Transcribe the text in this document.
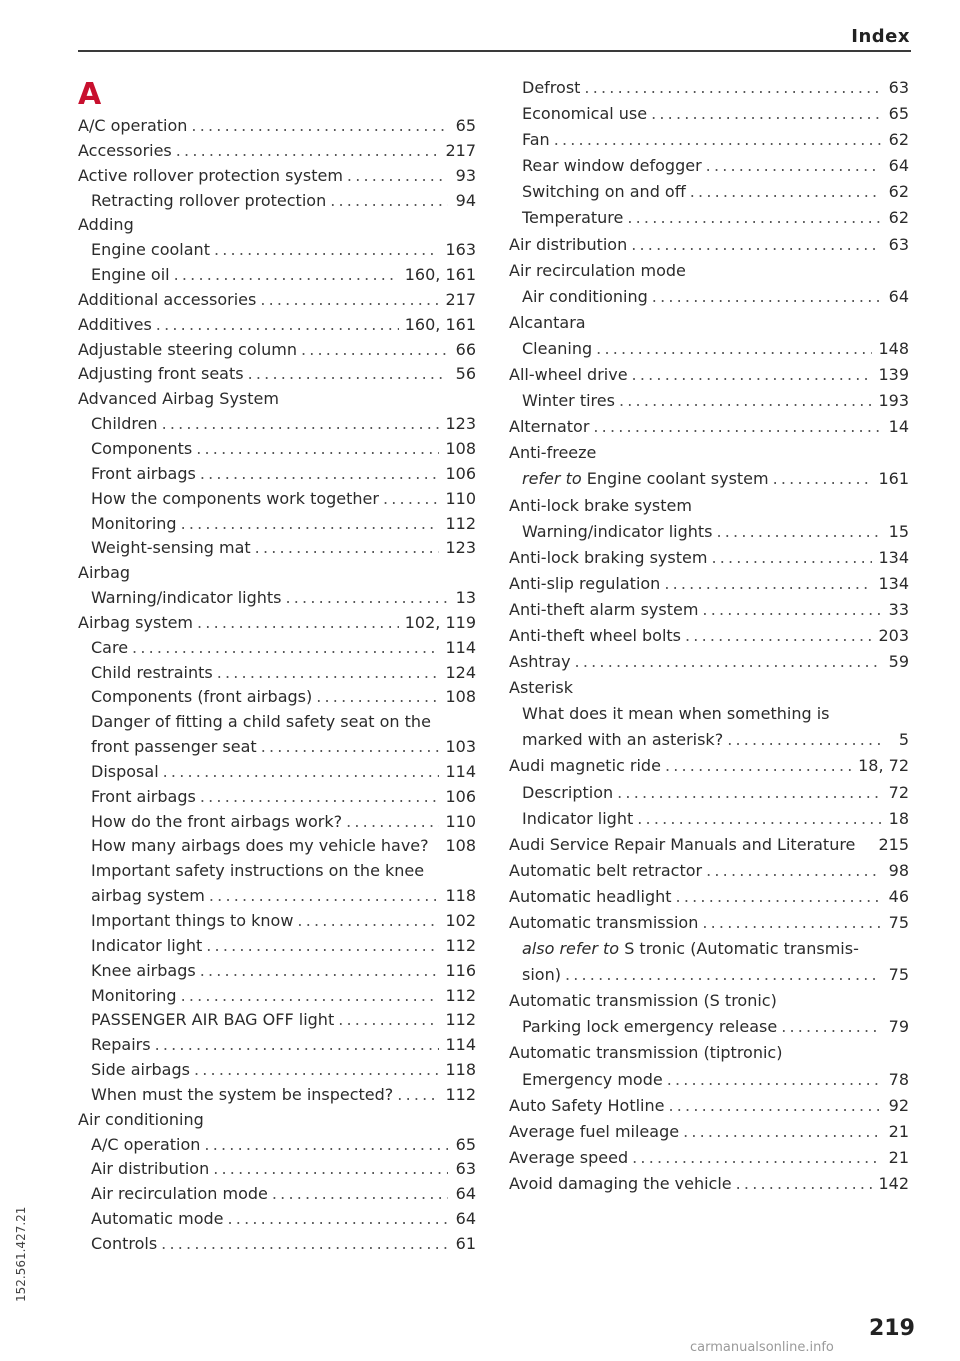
Index
A
A/C operation .....	65
Accessories .....	217
Active rollover protection system .....	93
Retracting rollover protection .....	94
Adding
Engine coolant .....	163
Engine oil .....	160, 161
Additional accessories .....	217
Additives .....	160, 161
Adjustable steering column .....	66
Adjusting front seats .....	56
Advanced Airbag System
Children .....	123
Components .....	108
Front airbags .....	106
How the components work together .....	110
Monitoring .....	112
Weight-sensing mat .....	123
Airbag
Warning/indicator lights .....	13
Airbag system .....	102, 119
Care .....	114
Child restraints .....	124
Components (front airbags) .....	108
Danger of fitting a child safety seat on the
front passenger seat .....	103
Disposal .....	114
Front airbags .....	106
How do the front airbags work? .....	110
How many airbags does my vehicle have? 108
Important safety instructions on the knee
airbag system .....	118
Important things to know .....	102
Indicator light .....	112
Knee airbags .....	116
Monitoring .....	112
PASSENGER AIR BAG OFF light .....	112
Repairs .....	114
Side airbags .....	118
When must the system be inspected? .....	112
Air conditioning
A/C operation .....	65
Air distribution .....	63
Air recirculation mode .....	64
Automatic mode .....	64
Controls .....	61
Defrost .....	63
Economical use .....	65
Fan .....	62
Rear window defogger .....	64
Switching on and off .....	62
Temperature .....	62
Air distribution .....	63
Air recirculation mode
Air conditioning .....	64
Alcantara
Cleaning .....	148
All-wheel drive .....	139
Winter tires .....	193
Alternator .....	14
Anti-freeze
refer to Engine coolant system .....	161
Anti-lock brake system
Warning/indicator lights .....	15
Anti-lock braking system .....	134
Anti-slip regulation .....	134
Anti-theft alarm system .....	33
Anti-theft wheel bolts .....	203
Ashtray .....	59
Asterisk
What does it mean when something is
marked with an asterisk? .....	5
Audi magnetic ride .....	18, 72
Description .....	72
Indicator light .....	18
Audi Service Repair Manuals and Literature 215
Automatic belt retractor .....	98
Automatic headlight .....	46
Automatic transmission .....	75
also refer to S tronic (Automatic transmis-
sion) .....	75
Automatic transmission (S tronic)
Parking lock emergency release .....	79
Automatic transmission (tiptronic)
Emergency mode .....	78
Auto Safety Hotline .....	92
Average fuel mileage .....	21
Average speed .....	21
Avoid damaging the vehicle .....	142
219
152.561.427.21
carmanualsonline.info
